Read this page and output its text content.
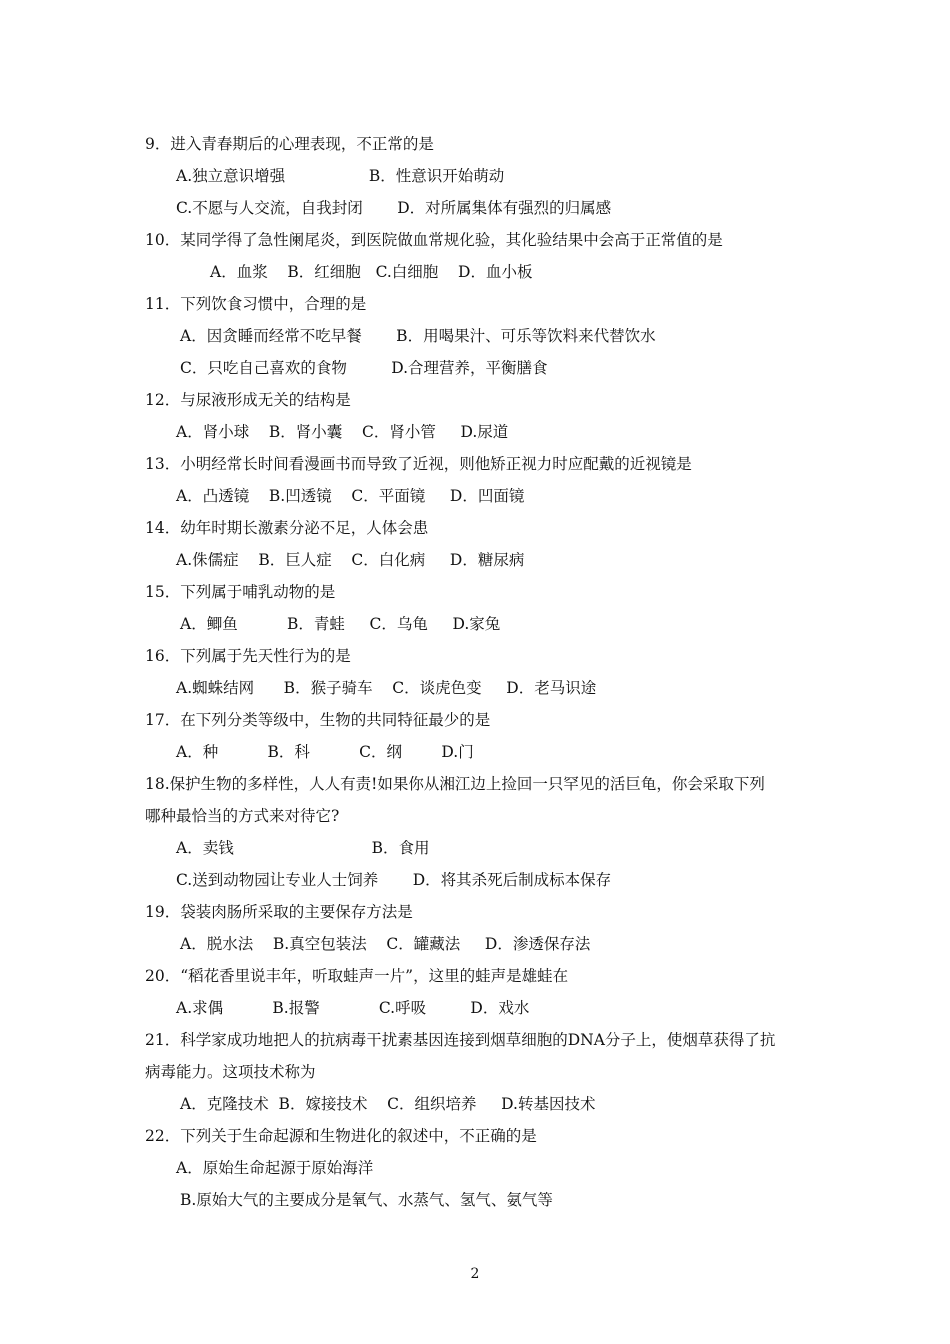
9．进入青春期后的心理表现，不正常的是
A.独立意识增强                 B．性意识开始萌动
C.不愿与人交流，自我封闭       D．对所属集体有强烈的归属感
10．某同学得了急性阑尾炎，到医院做血常规化验，其化验结果中会高于正常值的是
A．血浆    B．红细胞   C.白细胞    D．血小板
11．下列饮食习惯中，合理的是
A．因贪睡而经常不吃早餐       B．用喝果汁、可乐等饮料来代替饮水
C．只吃自己喜欢的食物         D.合理营养，平衡膳食
12．与尿液形成无关的结构是
A．肾小球    B．肾小囊    C．肾小管     D.尿道
13．小明经常长时间看漫画书而导致了近视，则他矫正视力时应配戴的近视镜是
A．凸透镜    B.凹透镜    C．平面镜     D．凹面镜
14．幼年时期长激素分泌不足，人体会患
A.侏儒症    B．巨人症    C．白化病     D．糖尿病
15．下列属于哺乳动物的是
A．鲫鱼          B．青蛙     C．乌龟     D.家兔
16．下列属于先天性行为的是
A.蜘蛛结网      B．猴子骑车    C．谈虎色变     D．老马识途
17．在下列分类等级中，生物的共同特征最少的是
A．种          B．科          C．纲        D.门
18.保护生物的多样性，人人有责!如果你从湘江边上捡回一只罕见的活巨龟，你会采取下列
哪种最恰当的方式来对待它?
A．卖钱                            B．食用
C.送到动物园让专业人士饲养       D．将其杀死后制成标本保存
19．袋装肉肠所采取的主要保存方法是
A．脱水法    B.真空包装法    C．罐藏法     D．渗透保存法
20．“稻花香里说丰年，听取蛙声一片”，这里的蛙声是雄蛙在
A.求偶          B.报警            C.呼吸         D．戏水
21．科学家成功地把人的抗病毒干扰素基因连接到烟草细胞的DNA分子上，使烟草获得了抗
病毒能力。这项技术称为
A．克隆技术  B．嫁接技术    C．组织培养     D.转基因技术
22．下列关于生命起源和生物进化的叙述中，不正确的是
A．原始生命起源于原始海洋
B.原始大气的主要成分是氧气、水蒸气、氢气、氨气等
2
